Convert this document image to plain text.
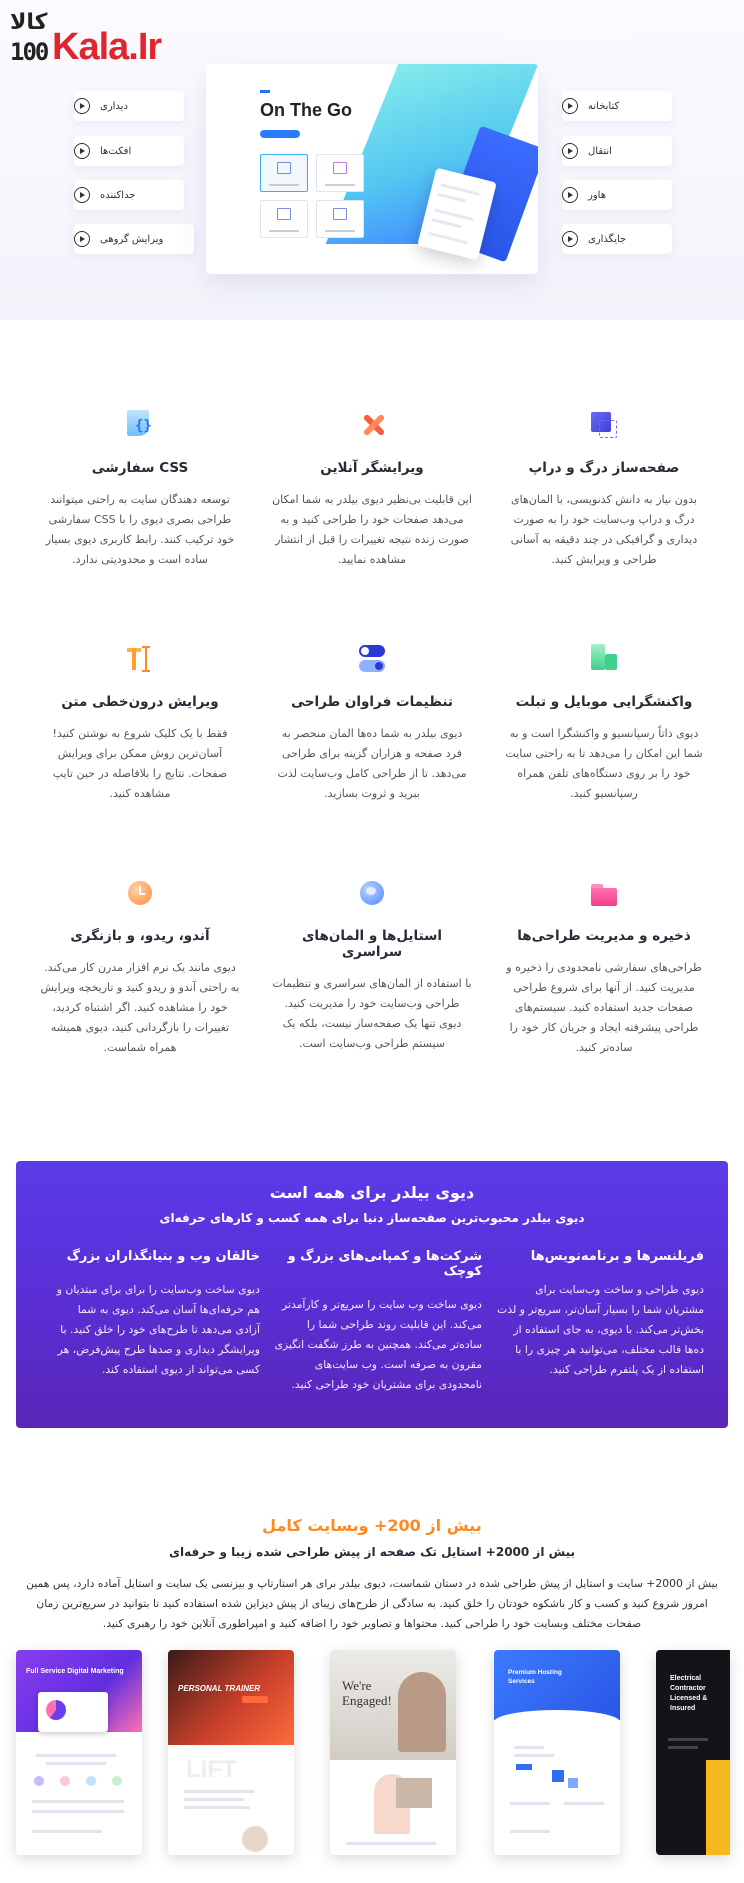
کالا
100 Kala.Ir
دیداری
افکت‌ها
جداکننده
ویرایش گروهی
کتابخانه
انتقال
هاور
جایگذاری
On The Go
صفحه‌ساز درگ و دراپ

بدون نیاز به دانش کدنویسی، با المان‌های درگ و دراپ وب‌سایت خود را به صورت دیداری و گرافیکی در چند دقیقه به آسانی طراحی و ویرایش کنید.

ویرایشگر آنلاین

این قابلیت بی‌نظیر دیوی بیلدر به شما امکان می‌دهد صفحات خود را طراحی کنید و به صورت زنده نتیجه تغییرات را قبل از انتشار مشاهده نمایید.

{}
CSS سفارشی

توسعه دهندگان سایت به راحتی میتوانند طراحی بصری دیوی را با CSS سفارشی خود ترکیب کنند. رابط کاربری دیوی بسیار ساده است و محدودیتی ندارد.

واکنشگرایی موبایل و تبلت

دیوی ذاتاً رسپانسیو و واکنشگرا است و به شما این امکان را می‌دهد تا به راحتی سایت خود را بر روی دستگاه‌های تلفن همراه رسپانسیو کنید.

تنظیمات فراوان طراحی

دیوی بیلدر به شما ده‌ها المان منحصر به فرد صفحه و هزاران گزینه برای طراحی می‌دهد. تا از طراحی کامل وب‌سایت لذت ببرید و ثروت بسازید.

ویرایش درون‌خطی متن

فقط با یک کلیک شروع به نوشتن کنید! آسان‌ترین روش ممکن برای ویرایش صفحات. نتایج را بلافاصله در حین تایپ مشاهده کنید.

ذخیره و مدیریت طراحی‌ها

طراحی‌های سفارشی نامحدودی را ذخیره و مدیریت کنید. از آنها برای شروع طراحی صفحات جدید استفاده کنید. سیستم‌های طراحی پیشرفته ایجاد و جریان کار خود را ساده‌تر کنید.

استایل‌ها و المان‌های سراسری

با استفاده از المان‌های سراسری و تنظیمات طراحی وب‌سایت خود را مدیریت کنید. دیوی تنها یک صفحه‌ساز نیست، بلکه یک سیستم طراحی وب‌سایت است.

آندو، ریدو، و بازنگری

دیوی مانند یک نرم افزار مدرن کار می‌کند. به راحتی آندو و ریدو کنید و تاریخچه ویرایش خود را مشاهده کنید. اگر اشتباه کردید، تغییرات را بازگردانی کنید، دیوی همیشه همراه شماست.

دیوی بیلدر برای همه است
دیوی بیلدر محبوب‌ترین صفحه‌ساز دنیا برای همه کسب و کارهای حرفه‌ای
فریلنسرها و برنامه‌نویس‌ها

دیوی طراحی و ساخت وب‌سایت برای مشتریان شما را بسیار آسان‌تر، سریع‌تر و لذت بخش‌تر می‌کند. با دیوی، به جای استفاده از ده‌ها قالب مختلف، می‌توانید هر چیزی را با استفاده از یک پلتفرم طراحی کنید.

شرکت‌ها و کمپانی‌های بزرگ و کوچک

دیوی ساخت وب سایت را سریع‌تر و کارآمدتر می‌کند. این قابلیت روند طراحی شما را ساده‌تر می‌کند. همچنین به طرز شگفت انگیزی مقرون به صرفه است. وب سایت‌های نامحدودی برای مشتریان خود طراحی کنید.

خالقان وب و بنیانگذاران بزرگ

دیوی ساخت وب‌سایت را برای برای مبتدیان و هم حرفه‌ای‌ها آسان می‌کند. دیوی به شما آزادی می‌دهد تا طرح‌های خود را خلق کنید. با ویرایشگر دیداری و صدها طرح پیش‌فرض، هر کسی می‌تواند از دیوی استفاده کند.

بیش از 200+ وبسایت کامل
بیش از 2000+ استایل تک صفحه از پیش طراحی شده زیبا و حرفه‌ای
بیش از 2000+ سایت و استایل از پیش طراحی شده در دستان شماست، دیوی بیلدر برای هر استارتاپ و بیزنسی یک سایت و استایل آماده دارد، پس همین امروز شروع کنید و کسب و کار باشکوه خودتان را خلق کنید. به سادگی از طرح‌های زیبای از پیش دیزاین شده استفاده کنید تا بتوانید در سریع‌ترین زمان صفحات مختلف وبسایت خود را طراحی کنید. محتواها و تصاویر خود را اضافه کنید و امپراطوری آنلاین خود را رهبری کنید.
Full Service Digital Marketing
PERSONAL TRAINER
LIFT
We're Engaged!
Premium Hosting Services	Electrical Contractor Licensed & Insured
